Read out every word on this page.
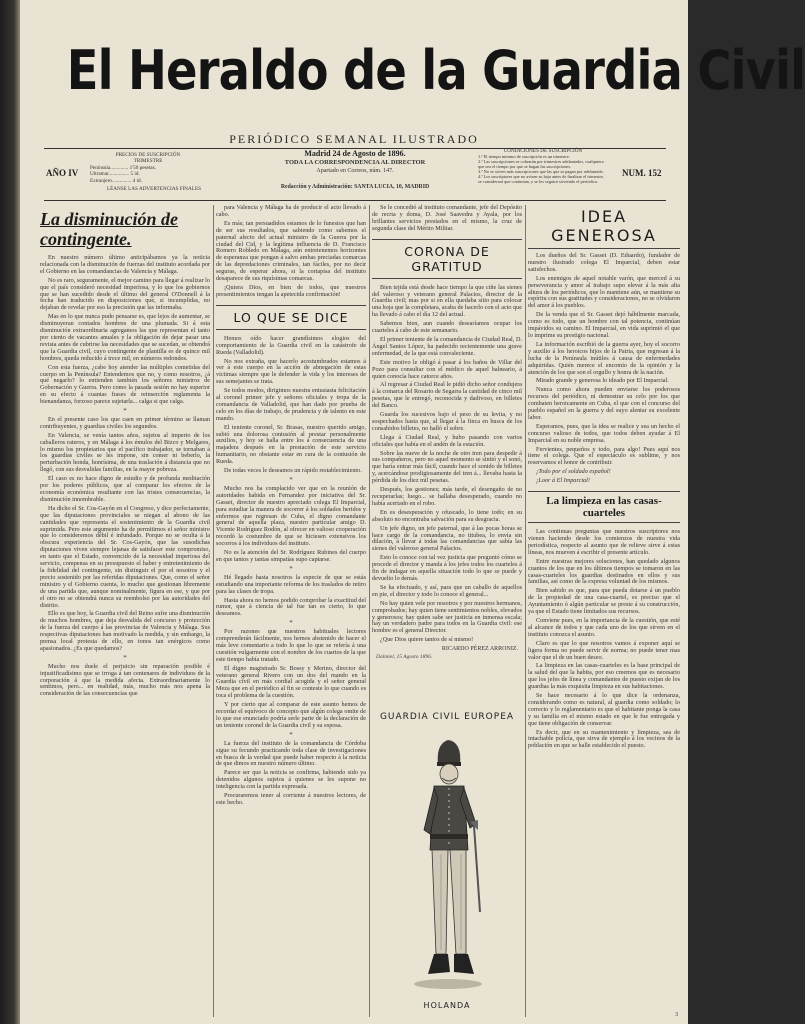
El Heraldo de la Guardia Civil
PERIÓDICO SEMANAL ILUSTRADO
PRECIOS DE SUSCRIPCIÓN
TRIMESTRE
AÑO IV Península.............. 1'50 pesetas.
Ultramar................ 5 id.
Extranjero............... 4 id.
LÉANSE LAS ADVERTENCIAS FINALES
Madrid 24 de Agosto de 1896.
TODA LA CORRESPONDENCIA AL DIRECTOR
Apartado en Correos, núm. 147.
Redacción y Administración: SANTA LUCIA, 10, MADRID
CONDICIONES DE SUSCRIPCIÓN
1.ª El tiempo mínimo de suscripción es un trimestre.
2.ª Las suscripciones se cobrarán por trimestres adelantados, cualquiera que sea el tiempo por que se hagan las suscripciones.
3.ª No se sirven más suscripciones que las que se pagan por adelantado.
4.ª Los suscriptores que no avisen su baja antes de finalizar el trimestre, se considerará que continúan, y se les seguirá sirviendo el periódico.
NUM. 152
La disminución de contingente.

En nuestro número último anticipábamos ya la noticia relacionada con la disminución de fuerzas del instituto acordada por el Gobierno en las comandancias de Valencia y Málaga.

No es raro, seguramente, el mejor camino para llegar á realizar lo que el país consideró necesidad imperiosa, y lo que los gobiernos que se han sucedido desde el último del general O'Donnell á la fecha han traducido en disposiciones que, si incumplidas, no dejaban de revelar por eso la precisión que las informaba.

Mas en lo que nunca pudo pensarse es, que lejos de aumentar, se disminuyeran contados hombres de una plumada. Si á esta disminución extraordinaria agregamos las que representan el tanto por ciento de vacantes anuales y la obligación de dejar pasar una revista antes de cubrirse las necesidades que se sucedan, se obtendrá que la Guardia civil, cuyo contingente de plantilla es de quince mil hombres, queda reducido á trece mil, en números redondos.

Con esta fuerza, ¿cabe hoy atender las múltiples cometidas del cuerpo en la Península? Entendemos que no, y como nosotros, ¿á qué negarlo? lo entienden también los señores ministros de Gobernación y Guerra. Pero como la pasada sesión no hay superior en su efecto á cuantas frases de reinserción reglamenta la bienandanza, forzoso parece sujetarla... calga si que calga.

*

En el presente caso los que caen en primer término se llaman contribuyentes, y guardias civiles los segundos.

En Valencia, se venía tantos años, sujetos al imperio de los caballeros rateros, y en Málaga á los émulos del Bizco y Melgares, lo mismo los propietarios que el pacífico trabajador, se tornaban á los guardias civiles se les impone, sin comer ni beberlo, la perturbación honda, honrísima, de una traslación á distancia que no llegó, con sus desvalidas familias, en la mayor pobreza.

El caso es no hace digno de estudio y de profunda meditación por los poderes públicos, que al comparar los efectos de la economía económica resultante con las tristes consecuencias, la disminución innombrable.

Ha dicho el Sr. Cos-Gayón en el Congreso, y dice perfectamente, que las diputaciones provinciales se niegan al abono de las cantidades que representa el sostenimiento de la Guardia civil suprimida. Pero este argumento ha de permitirnos el señor ministro que lo consideremos débil é infundado. Porque no se oculta á la obscura experiencia del Sr. Cos-Gayón, que las susodichas diputaciones viven siempre lejanas de satisfacer este compromiso, en tanto que el Estado, convencido de la necesidad imperiosa del servicio, compensa en su presupuesto el haber y entretenimiento de la fidelidad del contingente, sin distinguir el por el nosotros y el precio sostenido por las referidas diputaciones. Que, como el señor ministro y el Gobierno cuenta, lo mucho que gestionan libremente de una partida que, aunque nominalmente, figura en ese, y que por el otro no se obtendrá nunca su reembolso por las autoridades del distrito.

Ello es que hoy, la Guardia civil del Reino sufre una disminución de muchos hombres, que deja desvalida del concurso y protección de la fuerza del cuerpo á las provincias de Valencia y Málaga. Sus respectivas diputaciones han motivado la medida, y sin embargo, la prensa local protesta de ello, en tonos tan enérgicos como apasionados. ¿Es que quedamos?

*

Mucho nos duele el perjuicio sin reparación posible é injustificadísimo que se irroga á tan centenares de individuos de la corporación á que la medida afecta. Extraordinariamente lo sentimos, pero... en realidad, más, mucho más nos apena la consideración de las consecuencias que

para Valencia y Málaga ha de producir el acto llevado á cabo.

Es más; tan persuadidos estamos de lo funestos que han de ser sus resultados, que sabiendo como sabemos el paternal afecto del actual ministro de la Guerra por la ciudad del Cid, y la legítima influencia de D. Francisco Romero Robledo en Málaga, aún entretenemos horizontes de esperanza que pongan á salvo ambas preciadas comarcas de las depredaciones criminales, tan fáciles, por no decir seguras, de esperar ahora, si la cortapisa del instituto desaparece de sus riquísimas comarcas.

¡Quiera Dios, en bien de todos, que nuestros presentimientos tengan la apetecida confirmación!

LO QUE SE DICE

Hemos oído hacer grandísimos elogios del comportamiento de la Guardia civil en la catástrofe de Rueda (Valladolid).

No nos extraña, que hacerlo acostumbrados estamos á ver á este cuerpo en la acción de abnegación de estas victimas siempre que le defender la vida y los intereses de sus semejantes se trata.

Se todos modos, dirigimos nuestra entusiasta felicitación al coronel primer jefe y señores oficiales y tropa de la comandancia de Valladolid, que han dado por prueba de celo en los días de trabajo, de prudencia y de talento en este mando.

El teniente coronel, Sr. Brasas, nuestro querido amigo, subió una dolorosa contusión al prestar personalmente auxilios, y hoy se halla entre los á consecuencia de una majadera después en la prestación de este servicio humanitario, no obstante estar en cura de la contusión de Rueda.

De todas veces le deseamos un rápido restablecimiento.

*

Mucho nos ha complacido ver que en la reunión de autoridades habida en Fernandez por iniciativa del Sr. Gasset, director de nuestro apreciado colega El Imparcial, para estudiar la manera de socorrer á los soldados heridos y enfermos que regresan de Cuba, el digno comandante general de aquella plaza, nuestro particular amigo D. Vicente Rodríguez Rodón, al ofrecer en valioso cooperación recordó la costumbre de que se hiciesen extensivos los socorros á los individuos del instituto.

No es la atención del Sr. Rodríguez Rubines del cuerpo en que tantos y tantas simpatías supo captarse.

*

Hé llegado hasta nosotros la especie de que se estás estudiando una importante reforma de los traslados de retiro para las clases de tropa.

Hasta ahora no hemos podido comprobar la exactitud del rumor, que á ciencia de tal fue tan es cierto, lo que deseamos.

*

Por razones que nuestros habituales lectores comprenderán fácilmente, nos hemos abstenido de hacer el más leve comentario a todo lo que lo que se refería á una cuestión vulgarmente con el nombre de los cuartos de la que este tiempo había tratado.

El digno magistrado Sr. Bossy y Merino, director del veterano general Rivero con un dos del mando en la Guardia civil en más cordial acogida y el señor general Meza que en el periódico al fin se conteste lo que cuando es toca el problema de la cuestión.

Y por cierto que al comparar de este asunto hemos de recordar el equívoco de concepto que algún colega omite de lo que ese enunciado podría serle parte de la declaración de un teniente coronel de la Guardia civil y su esposa.

*

La fuerza del instituto de la comandancia de Córdoba sigue su fecundo practicando toda clase de investigaciones en busca de la verdad que puede haber respecto á la noticia de que dimos en nuestro número último.

Parece ser que la noticia se confirma, habiendo sido ya detenidos algunos sujetos á quienes se les supone no inteligencia con la partida expresada.

Procuraremos tener al corriente á nuestros lectores, de este hecho.

Se le concedió al instituto comandante, jefe del Depósito de recria y doma, D. José Saavedra y Ayala, por los brillantes servicios prestados en el mismo, la cruz de segunda clase del Mérito Militar.

CORONA DE GRATITUD

Bien tejida está desde hace tiempo la que ciñe las sienes del valeroso y veterano general Palacios, director de la Guardia civil; mas por si en ella quedaba sitio para colocar una hoja que la completara, acaba de hacerlo con el acto que ha llevado á cabo el día 12 del actual.

Sabemos bien, aun cuando desearíamos ocupar los cuarteles á cabo de este semanario.

El primer teniente de la comandancia de Ciudad Real, D. Ángel Santos López, ha padecido recientemente una grave enfermedad, de la que está convaleciente.

Este motivo le obligó á pasar á los baños de Villar del Pozo para consultar con el médico de aquel balneario, á quien conocía hace catorce años.

Al regresar á Ciudad Real le pidió dicho señor condujera á la comarca del Rosario de Segarra la cantidad de cinco mil pesetas, que le entregó, reconocida y dadivoso, en billetes del Banco.

Guarda los sucesivos bajo el peso de su levita, y no sospechados hasta que, al llegar á la finca en busca de los consabidos billetes, no halló el sobre.

Llega á Ciudad Real, y hubo pasando con varios oficiales que había en el andén de la estación.

Sobre las nueve de la noche de otro tren para despedir á sus compañeros, pero no aquel momento se sintió y el sonó, que haría entrar más fácil, cuando hace el sonido de billetes y, acercándose prodigiosamente del tren á... llevaba hasta la pérdida de los diez mil pesetas.

Después, los gestiones; más tarde, el desengaño de no recuperarlas; luego... se hallaba desesperado, cuando no había acertado en el robo.

En es desesperación y ofuscado, lo tiene todo; en su absoluto no encontraba salvación para su desgracia.

Un jefe digno, un jefe paternal, que á las pocas horas se hace cargo de la comandancia, no titubea, lo envía sin dilación, á llevar á todas las comandancias que sabía las sienes del valeroso general Palacios.

Esto lo conoce con tal vez justicia que preguntó cómo se procede el director y manda á los jefes todos los cuarteles á fin de indagar en aquella situación todo lo que se puede y devuelto lo demás.

Se ha efectuado, y así, para que un caballo de aquellos en pie, el director y todo lo conoce el general...

No hay quien vele por nosotros y por nuestros hermanos, comprobados; hay quien tiene sentimientos nobles, elevados y generosos; hay quien sabe ser justicia en inmensa escala; hay un verdadero padre para todos en la Guardia civil: ese hombre es el general Director.

¿Que Dios quiere tantos de sí mismo!

RICARDO PÉREZ ARRONIZ.
Daimiel, 15 Agosto 1896.
GUARDIA CIVIL EUROPEA
HOLANDA
IDEA GENEROSA

Los dueños del Sr. Gasset (D. Eduardo), fundador de nuestro ilustrado colega El Imparcial, deben estar satisfechos.

Los enemigos de aquel notable varón, que merced á su perseverancia y amor al trabajo supo elevar á la más alta altura de los periódicos, que lo mantiene aún, se mantiene su espíritu con sus gratitudes y consideraciones, no se olvidaron del amor á los pueblos.

De la venda que el Sr. Gasset dejó hábilmente marcada, como es todo, que un hombre con tal potencia, continúan impávidos su camino. El Imparcial, en vida suprimió el que lo imprime su prestigio nacional.

La información escribió de la guerra ayer, hoy el socorro y auxilio á los heroicos hijos de la Patria, que regresan á la lucha de la Península inútiles á causa de enfermedades adquiridas. Quién merece el encomio de la opinión y la atención de los que son el orgullo y honra de la nación.

Mirado grande y generosa lo ideado por El Imparcial.

Nunca como ahora pueden enviarse los poderosos recursos del periódico, ni demostrar su celo por los que combaten heroicamente en Cuba, el que con el concurso del pueblo español en la guerra y del suyo alentar su excelente labor.

Esperamos, pues, que la idea se realice y sea un hecho el concurso valioso de todos, que todos deben ayudar á El Imparcial en su noble empresa.

Fervientes, pequeños y todo, para algo! Pues aquí nos tiene el colega. Que el espectáculo es sublime, y nos reservamos el honor de contribuir.

¡Todo por el soldado español!

¡Loor á El Imparcial!

La limpieza en las casas-cuarteles

Las continuas preguntas que nuestros suscriptores nos vienen haciendo desde los comienzos de nuestra vida periodística, respecto al asunto que de relieve sirve á estas líneas, nos mueven á escribir el presente artículo.

Entre nuestras mejores soluciones, han quedado algunos cuantos de los que en los últimos tiempos se tomaron en las casas-cuarteles los guardias destinados en ellos y sus familias, así como de la expresa voluntad de los mismos.

Bien sabido es que, para que pueda dotarse á un pueblo de la propiedad de una casa-cuartel, es preciso que el Ayuntamiento ó algún particular se preste á su construcción, ya que el Estado tiene limitados sus recursos.

Conviene pues, en la importancia de la cuestión, que esté al alcance de todos y que cada uno de los que sirven en el instituto conozca el asunto.

Claro es que lo que nosotros vamos á exponer aquí se ligera forma no puede servir de norma; no puede tener mas valor que el de un buen deseo.

La limpieza en las casas-cuarteles es la base principal de la salud del que la habita, por eso creemos que es necesario que los jefes de línea y comandantes de puesto exijan de los guardias la más exquisita limpieza en sus habitaciones.

Se hace necesario á lo que dice la ordenanza, considerando como es natural, al guardia como soldado; lo correcto y lo reglamentario es que el habitante ponga la casa y su familia en el mismo estado en que le fue entregada y que tiene obligación de conservar.

Es decir, que en su mantenimiento y limpieza, sea de intachable policía, que sirva de ejemplo á los vecinos de la población en que se halle establecido el puesto.

3
